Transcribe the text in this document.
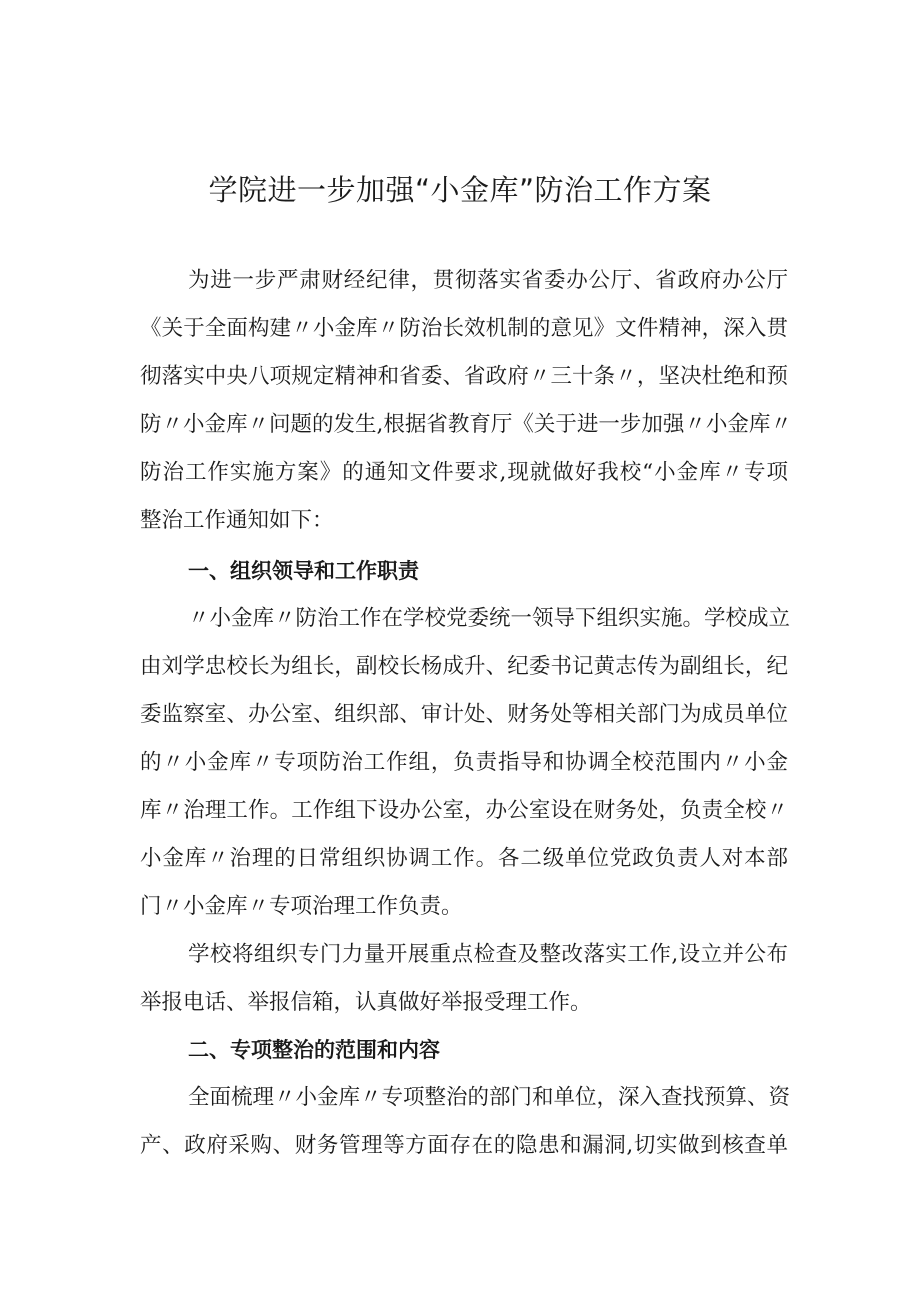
学院进一步加强“小金库”防治工作方案
为进一步严肃财经纪律，贯彻落实省委办公厅、省政府办公厅
《关于全面构建〃小金库〃防治长效机制的意见》文件精神，深入贯
彻落实中央八项规定精神和省委、省政府〃三十条〃，坚决杜绝和预
防〃小金库〃问题的发生,根据省教育厅《关于进一步加强〃小金库〃
防治工作实施方案》的通知文件要求,现就做好我校“小金库〃专项
整治工作通知如下：
一、组织领导和工作职责
〃小金库〃防治工作在学校党委统一领导下组织实施。学校成立
由刘学忠校长为组长，副校长杨成升、纪委书记黄志传为副组长，纪
委监察室、办公室、组织部、审计处、财务处等相关部门为成员单位
的〃小金库〃专项防治工作组，负责指导和协调全校范围内〃小金
库〃治理工作。工作组下设办公室，办公室设在财务处，负责全校〃
小金库〃治理的日常组织协调工作。各二级单位党政负责人对本部
门〃小金库〃专项治理工作负责。
学校将组织专门力量开展重点检查及整改落实工作,设立并公布
举报电话、举报信箱，认真做好举报受理工作。
二、专项整治的范围和内容
全面梳理〃小金库〃专项整治的部门和单位，深入查找预算、资
产、政府采购、财务管理等方面存在的隐患和漏洞,切实做到核查单
